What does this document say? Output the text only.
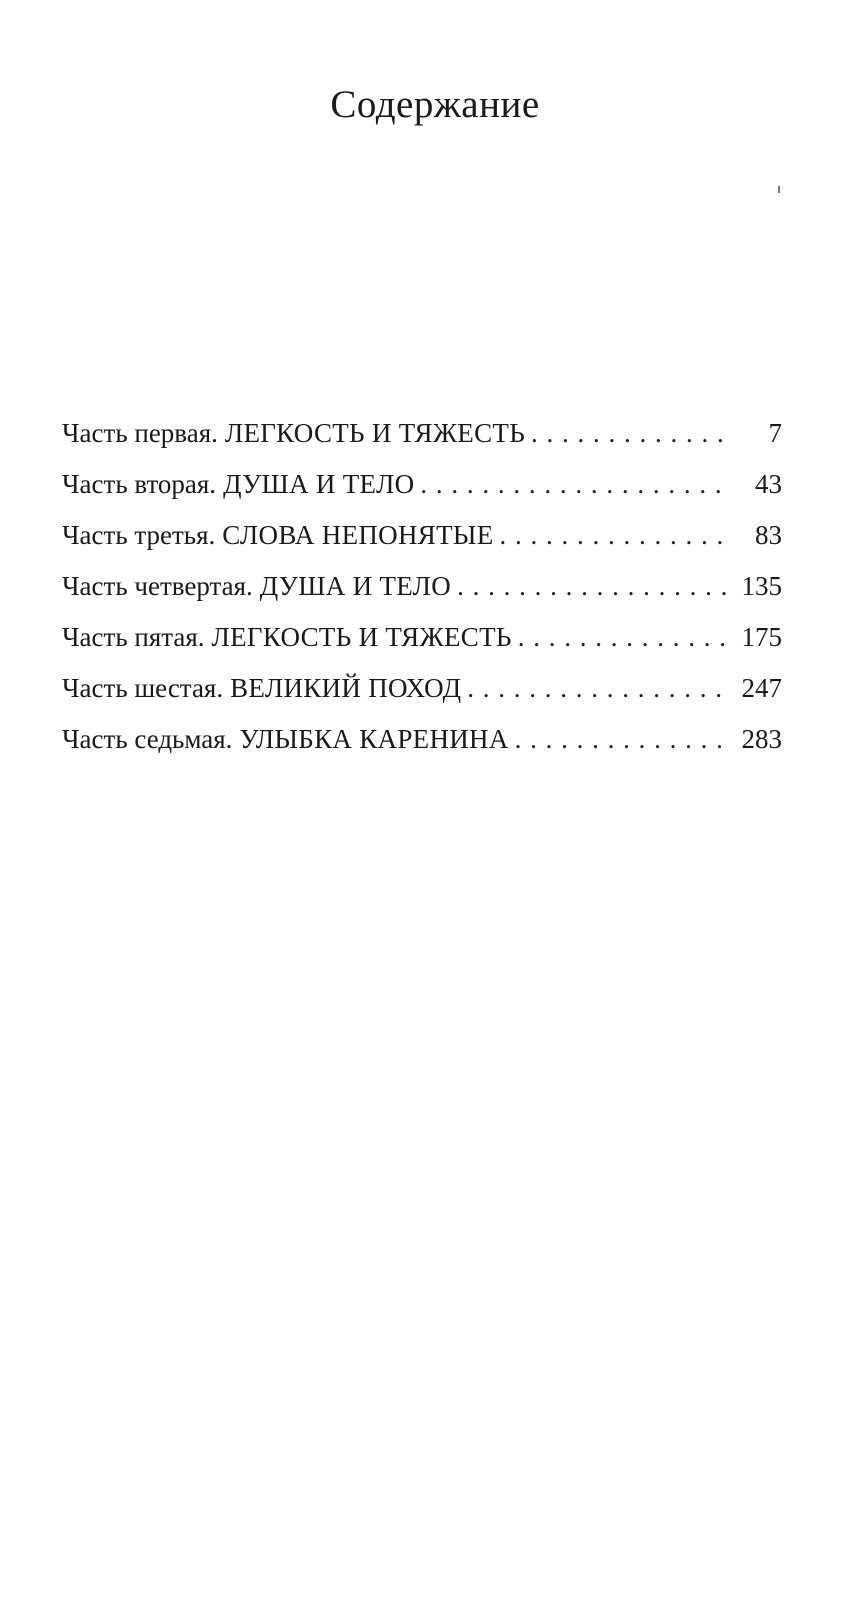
Содержание
Часть первая. ЛЕГКОСТЬ И ТЯЖЕСТЬ . . .	7
Часть вторая. ДУША И ТЕЛО . . .	43
Часть третья. СЛОВА НЕПОНЯТЫЕ . . .	83
Часть четвертая. ДУША И ТЕЛО . . .	135
Часть пятая. ЛЕГКОСТЬ И ТЯЖЕСТЬ . . .	175
Часть шестая. ВЕЛИКИЙ ПОХОД . . .	247
Часть седьмая. УЛЫБКА КАРЕНИНА . . .	283
